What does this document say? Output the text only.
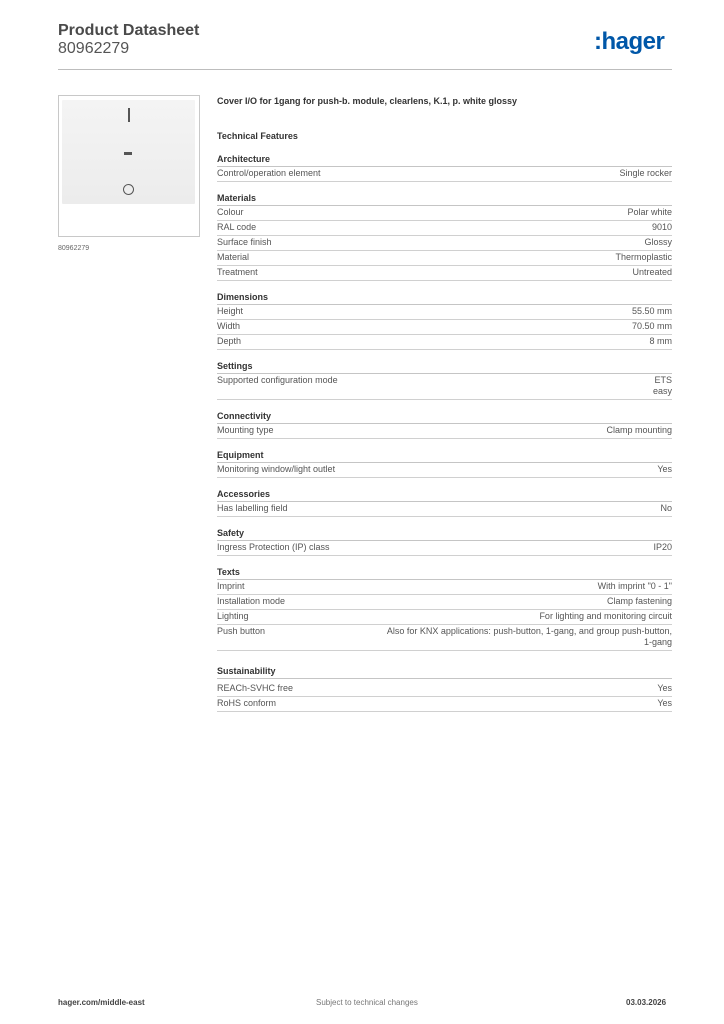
Product Datasheet
80962279	:hager
80962279
Cover I/O for 1gang for push-b. module, clearlens, K.1, p. white glossy
Technical Features
Architecture
Control/operation element	Single rocker
Materials
Colour	Polar white
RAL code	9010
Surface finish	Glossy
Material	Thermoplastic
Treatment	Untreated
Dimensions
Height	55.50 mm
Width	70.50 mm
Depth	8 mm
Settings
Supported configuration mode	ETS
easy
Connectivity
Mounting type	Clamp mounting
Equipment
Monitoring window/light outlet	Yes
Accessories
Has labelling field	No
Safety
Ingress Protection (IP) class	IP20
Texts
Imprint	With imprint "0 - 1"
Installation mode	Clamp fastening
Lighting	For lighting and monitoring circuit
Push button	Also for KNX applications: push-button, 1-gang, and group push-button,
1-gang
Sustainability
REACh-SVHC free	Yes
RoHS conform	Yes
hager.com/middle-east	Subject to technical changes	03.03.2026
